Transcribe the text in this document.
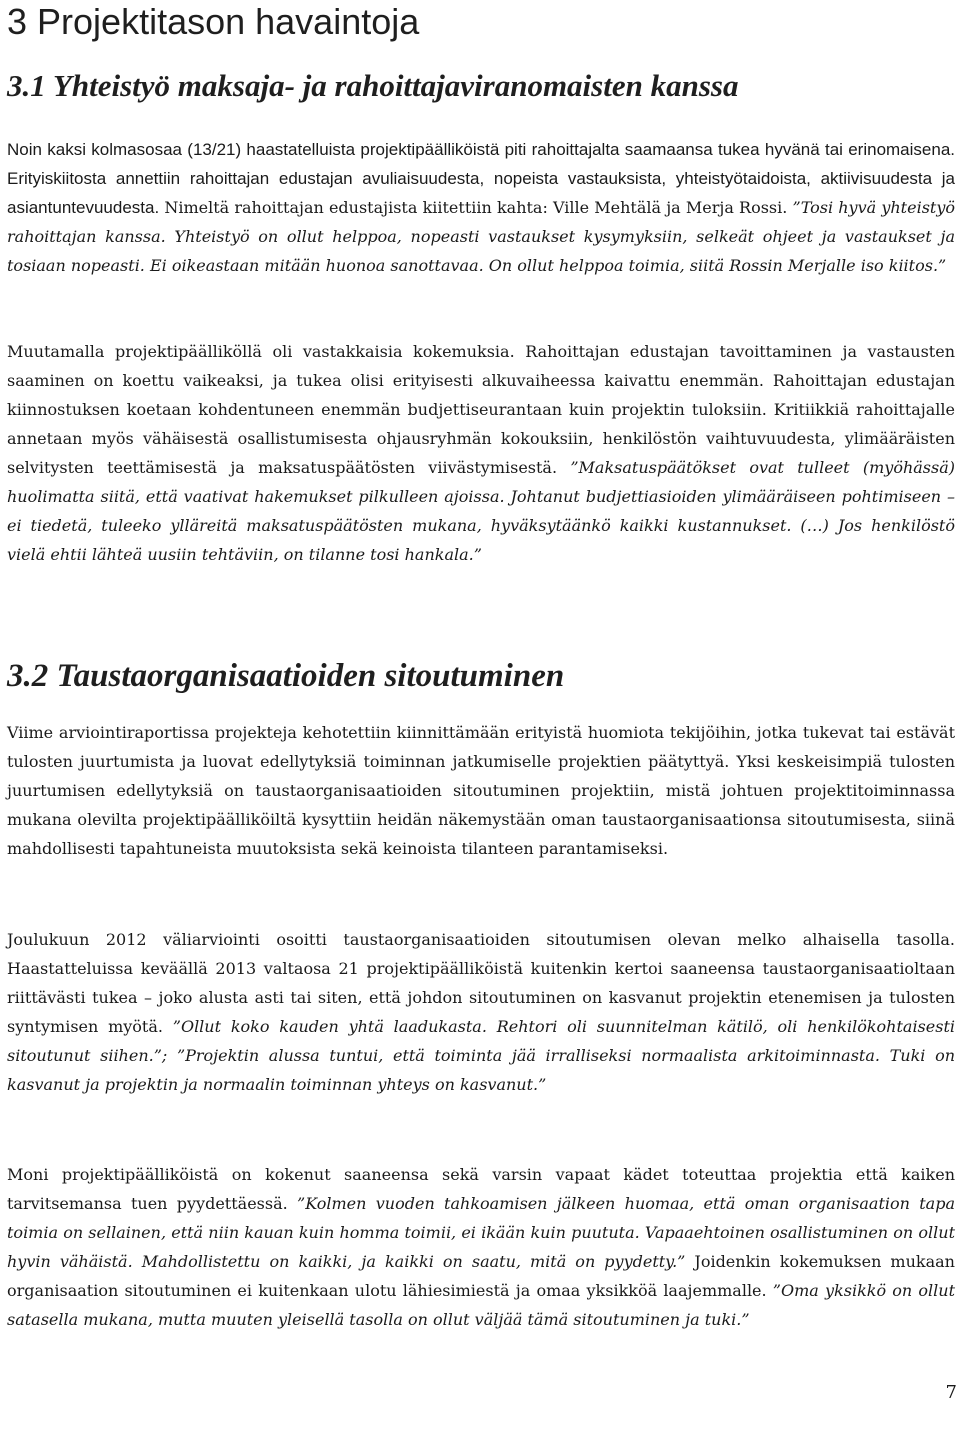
3 Projektitason havaintoja
3.1 Yhteistyö maksaja- ja rahoittajaviranomaisten kanssa

Noin kaksi kolmasosaa (13/21) haastatelluista projektipäälliköistä piti rahoittajalta saamaansa tukea hyvänä tai erinomaisena. Erityiskiitosta annettiin rahoittajan edustajan avuliaisuudesta, nopeista vastauksista, yhteistyötaidoista, aktiivisuudesta ja asiantuntevuudesta. Nimeltä rahoittajan edustajista kiitettiin kahta: Ville Mehtälä ja Merja Rossi. ”Tosi hyvä yhteistyö rahoittajan kanssa. Yhteistyö on ollut helppoa, nopeasti vastaukset kysymyksiin, selkeät ohjeet ja vastaukset ja tosiaan nopeasti. Ei oikeastaan mitään huonoa sanottavaa. On ollut helppoa toimia, siitä Rossin Merjalle iso kiitos.”

Muutamalla projektipäälliköllä oli vastakkaisia kokemuksia. Rahoittajan edustajan tavoittaminen ja vastausten saaminen on koettu vaikeaksi, ja tukea olisi erityisesti alkuvaiheessa kaivattu enemmän. Rahoittajan edustajan kiinnostuksen koetaan kohdentuneen enemmän budjettiseurantaan kuin projektin tuloksiin. Kritiikkiä rahoittajalle annetaan myös vähäisestä osallistumisesta ohjausryhmän kokouksiin, henkilöstön vaihtuvuudesta, ylimääräisten selvitysten teettämisestä ja maksatuspäätösten viivästymisestä. ”Maksatuspäätökset ovat tulleet (myöhässä) huolimatta siitä, että vaativat hakemukset pilkulleen ajoissa. Johtanut budjettiasioiden ylimääräiseen pohtimiseen – ei tiedetä, tuleeko yllärеitä maksatuspäätösten mukana, hyväksytäänkö kaikki kustannukset. (…) Jos henkilöstö vielä ehtii lähteä uusiin tehtäviin, on tilanne tosi hankala.”

3.2 Taustaorganisaatioiden sitoutuminen

Viime arviointiraportissa projekteja kehotettiin kiinnittämään erityistä huomiota tekijöihin, jotka tukevat tai estävät tulosten juurtumista ja luovat edellytyksiä toiminnan jatkumiselle projektien päätyttyä. Yksi keskeisimpiä tulosten juurtumisen edellytyksiä on taustaorganisaatioiden sitoutuminen projektiin, mistä johtuen projektitoiminnassa mukana olevilta projektipäälliköiltä kysyttiin heidän näkemystään oman taustaorganisaationsa sitoutumisesta, siinä mahdollisesti tapahtuneista muutoksista sekä keinoista tilanteen parantamiseksi.

Joulukuun 2012 väliarviointi osoitti taustaorganisaatioiden sitoutumisen olevan melko alhaisella tasolla. Haastatteluissa keväällä 2013 valtaosa 21 projektipäälliköistä kuitenkin kertoi saaneensa taustaorganisaatioltaan riittävästi tukea – joko alusta asti tai siten, että johdon sitoutuminen on kasvanut projektin etenemisen ja tulosten syntymisen myötä. ”Ollut koko kauden yhtä laadukasta. Rehtori oli suunnitelman kätilö, oli henkilökohtaisesti sitoutunut siihen.”; ”Projektin alussa tuntui, että toiminta jää irralliseksi normaalista arkitoiminnasta. Tuki on kasvanut ja projektin ja normaalin toiminnan yhteys on kasvanut.”

Moni projektipäälliköistä on kokenut saaneensa sekä varsin vapaat kädet toteuttaa projektia että kaiken tarvitsemansa tuen pyydettäessä. ”Kolmen vuoden tahkoamisen jälkeen huomaa, että oman organisaation tapa toimia on sellainen, että niin kauan kuin homma toimii, ei ikään kuin puututa. Vapaaehtoinen osallistuminen on ollut hyvin vähäistä. Mahdollistettu on kaikki, ja kaikki on saatu, mitä on pyydetty.” Joidenkin kokemuksen mukaan organisaation sitoutuminen ei kuitenkaan ulotu lähiesimiestä ja omaa yksikköä laajemmalle. ”Oma yksikkö on ollut satasella mukana, mutta muuten yleisellä tasolla on ollut väljää tämä sitoutuminen ja tuki.”

7
